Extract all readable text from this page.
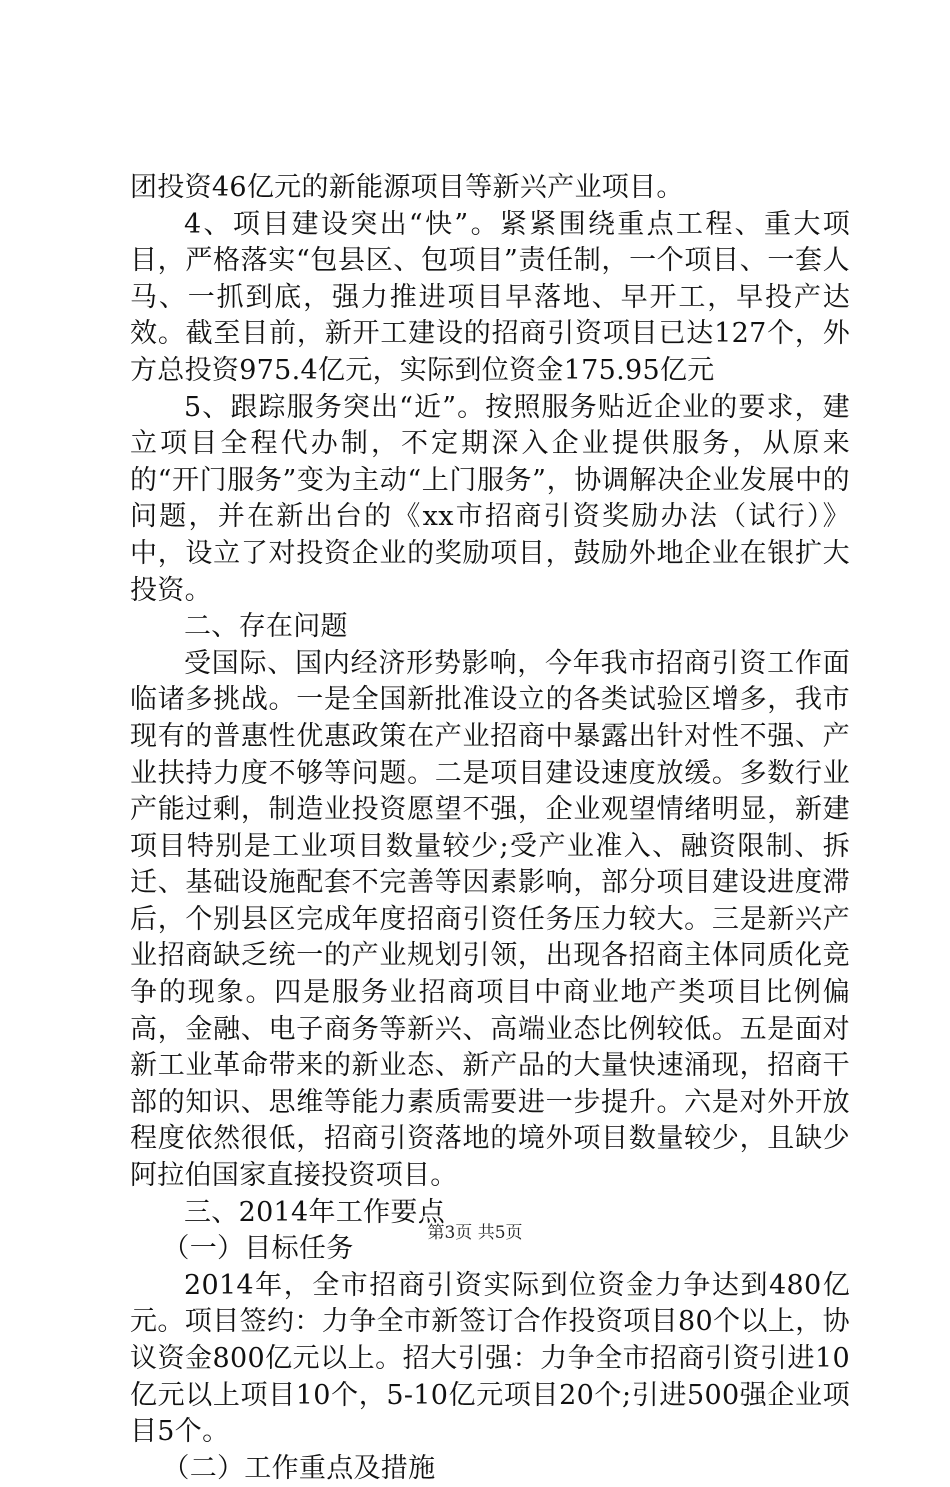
团投资46亿元的新能源项目等新兴产业项目。

4、项目建设突出“快”。紧紧围绕重点工程、重大项目，严格落实“包县区、包项目”责任制，一个项目、一套人马、一抓到底，强力推进项目早落地、早开工，早投产达效。截至目前，新开工建设的招商引资项目已达127个，外方总投资975.4亿元，实际到位资金175.95亿元

5、跟踪服务突出“近”。按照服务贴近企业的要求，建立项目全程代办制，不定期深入企业提供服务，从原来的“开门服务”变为主动“上门服务”，协调解决企业发展中的问题，并在新出台的《xx市招商引资奖励办法（试行）》中，设立了对投资企业的奖励项目，鼓励外地企业在银扩大投资。

二、存在问题

受国际、国内经济形势影响，今年我市招商引资工作面临诸多挑战。一是全国新批准设立的各类试验区增多，我市现有的普惠性优惠政策在产业招商中暴露出针对性不强、产业扶持力度不够等问题。二是项目建设速度放缓。多数行业产能过剩，制造业投资愿望不强，企业观望情绪明显，新建项目特别是工业项目数量较少;受产业准入、融资限制、拆迁、基础设施配套不完善等因素影响，部分项目建设进度滞后，个别县区完成年度招商引资任务压力较大。三是新兴产业招商缺乏统一的产业规划引领，出现各招商主体同质化竞争的现象。四是服务业招商项目中商业地产类项目比例偏高，金融、电子商务等新兴、高端业态比例较低。五是面对新工业革命带来的新业态、新产品的大量快速涌现，招商干部的知识、思维等能力素质需要进一步提升。六是对外开放程度依然很低，招商引资落地的境外项目数量较少，且缺少阿拉伯国家直接投资项目。

三、2014年工作要点

（一）目标任务

2014年，全市招商引资实际到位资金力争达到480亿元。项目签约：力争全市新签订合作投资项目80个以上，协议资金800亿元以上。招大引强：力争全市招商引资引进10亿元以上项目10个，5-10亿元项目20个;引进500强企业项目5个。

（二）工作重点及措施

第3页 共5页
